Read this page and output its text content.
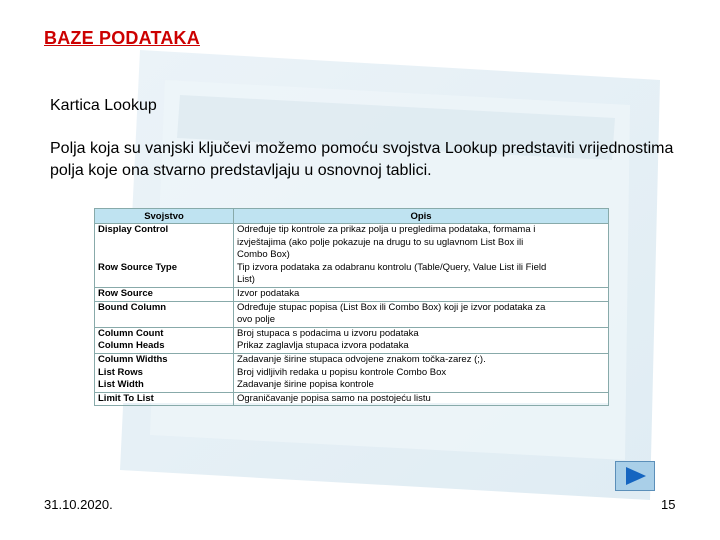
BAZE PODATAKA
Kartica Lookup
Polja koja su vanjski ključevi možemo pomoću svojstva Lookup predstaviti vrijednostima polja koje ona stvarno predstavljaju u osnovnoj tablici.
Svojstvo	Opis
Display Control	Određuje tip kontrole za prikaz polja u pregledima podataka, formama i
	izvještajima (ako polje pokazuje na drugu to su uglavnom List Box ili
	Combo Box)
Row Source Type	Tip izvora podataka za odabranu kontrolu (Table/Query, Value List ili Field
	List)
Row Source	Izvor podataka
Bound Column	Određuje stupac popisa (List Box ili Combo Box) koji je izvor podataka za
	ovo polje
Column Count	Broj stupaca s podacima u izvoru podataka
Column Heads	Prikaz zaglavlja stupaca izvora podataka
Column Widths	Zadavanje širine stupaca odvojene znakom točka-zarez (;).
List Rows	Broj vidljivih redaka u popisu kontrole Combo Box
List Width	Zadavanje širine popisa kontrole
Limit To List	Ograničavanje popisa samo na postojeću listu
31.10.2020.	15
